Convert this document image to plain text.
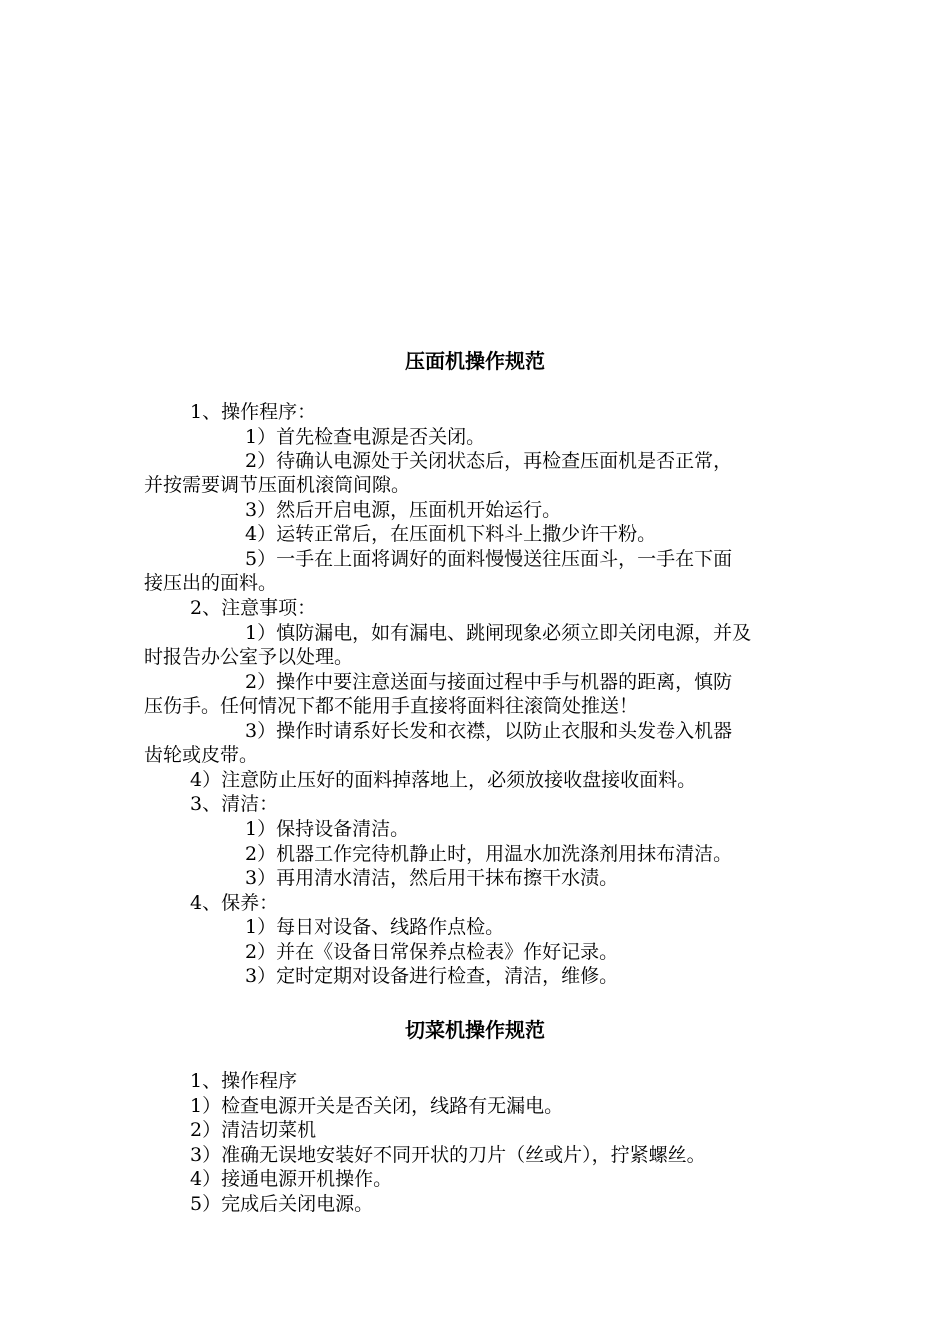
压面机操作规范
1、操作程序：
1）首先检查电源是否关闭。
2）待确认电源处于关闭状态后，再检查压面机是否正常，
并按需要调节压面机滚筒间隙。
3）然后开启电源，压面机开始运行。
4）运转正常后，在压面机下料斗上撒少许干粉。
5）一手在上面将调好的面料慢慢送往压面斗，一手在下面
接压出的面料。
2、注意事项：
1）慎防漏电，如有漏电、跳闸现象必须立即关闭电源，并及
时报告办公室予以处理。
2）操作中要注意送面与接面过程中手与机器的距离，慎防
压伤手。任何情况下都不能用手直接将面料往滚筒处推送！
3）操作时请系好长发和衣襟，以防止衣服和头发卷入机器
齿轮或皮带。
4）注意防止压好的面料掉落地上，必须放接收盘接收面料。
3、清洁：
1）保持设备清洁。
2）机器工作完待机静止时，用温水加洗涤剂用抹布清洁。
3）再用清水清洁，然后用干抹布擦干水渍。
4、保养：
1）每日对设备、线路作点检。
2）并在《设备日常保养点检表》作好记录。
3）定时定期对设备进行检查，清洁，维修。
切菜机操作规范
1、操作程序
1）检查电源开关是否关闭，线路有无漏电。
2）清洁切菜机
3）准确无误地安装好不同开状的刀片（丝或片），拧紧螺丝。
4）接通电源开机操作。
5）完成后关闭电源。
